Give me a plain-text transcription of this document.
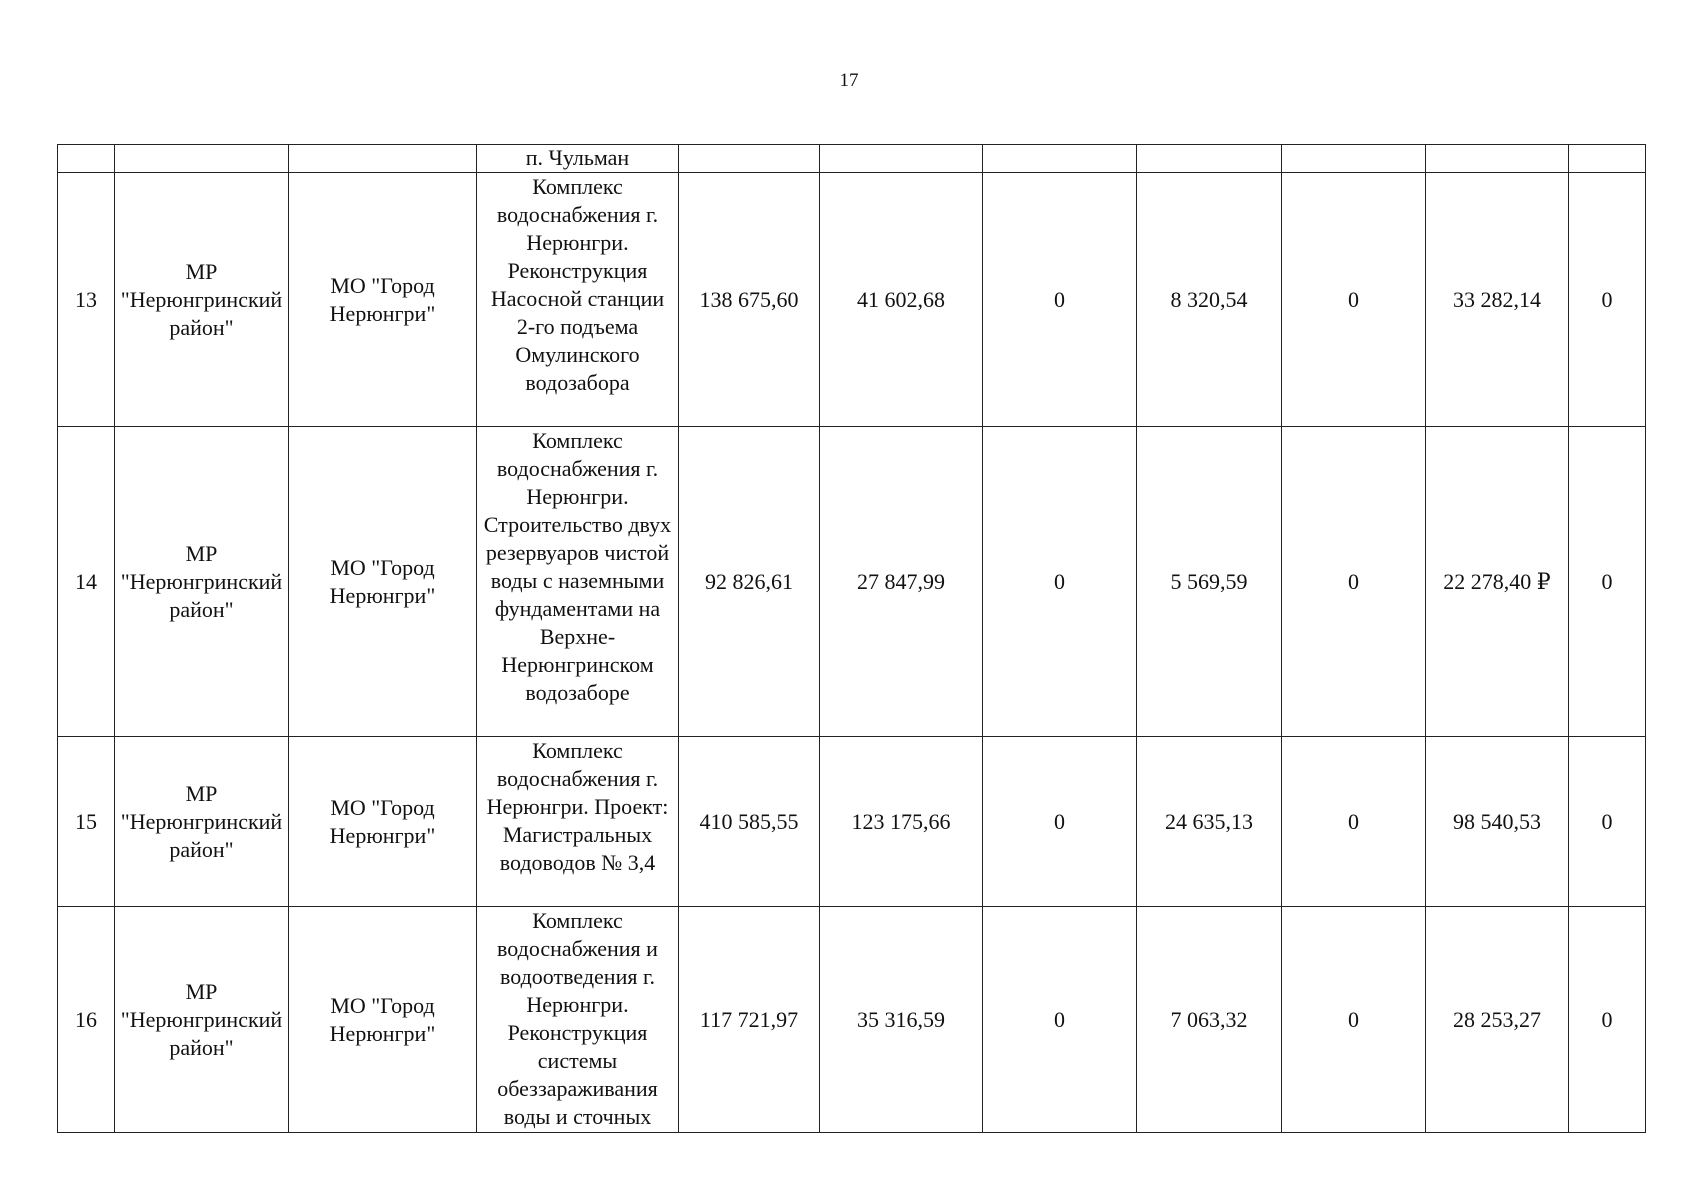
17
			п. Чульман							
13	МР "Нерюнгринский район"	МО "Город Нерюнгри"	Комплекс водоснабжения г. Нерюнгри. Реконструкция Насосной станции 2-го подъема Омулинского водозабора	138 675,60	41 602,68	0	8 320,54	0	33 282,14	0
14	МР "Нерюнгринский район"	МО "Город Нерюнгри"	Комплекс водоснабжения г. Нерюнгри. Строительство двух резервуаров чистой воды с наземными фундаментами на Верхне-Нерюнгринском водозаборе	92 826,61	27 847,99	0	5 569,59	0	22 278,40 ₽	0
15	МР "Нерюнгринский район"	МО "Город Нерюнгри"	Комплекс водоснабжения г. Нерюнгри. Проект: Магистральных водоводов № 3,4	410 585,55	123 175,66	0	24 635,13	0	98 540,53	0
16	МР "Нерюнгринский район"	МО "Город Нерюнгри"	Комплекс водоснабжения и водоотведения г. Нерюнгри. Реконструкция системы обеззараживания воды и сточных	117 721,97	35 316,59	0	7 063,32	0	28 253,27	0
